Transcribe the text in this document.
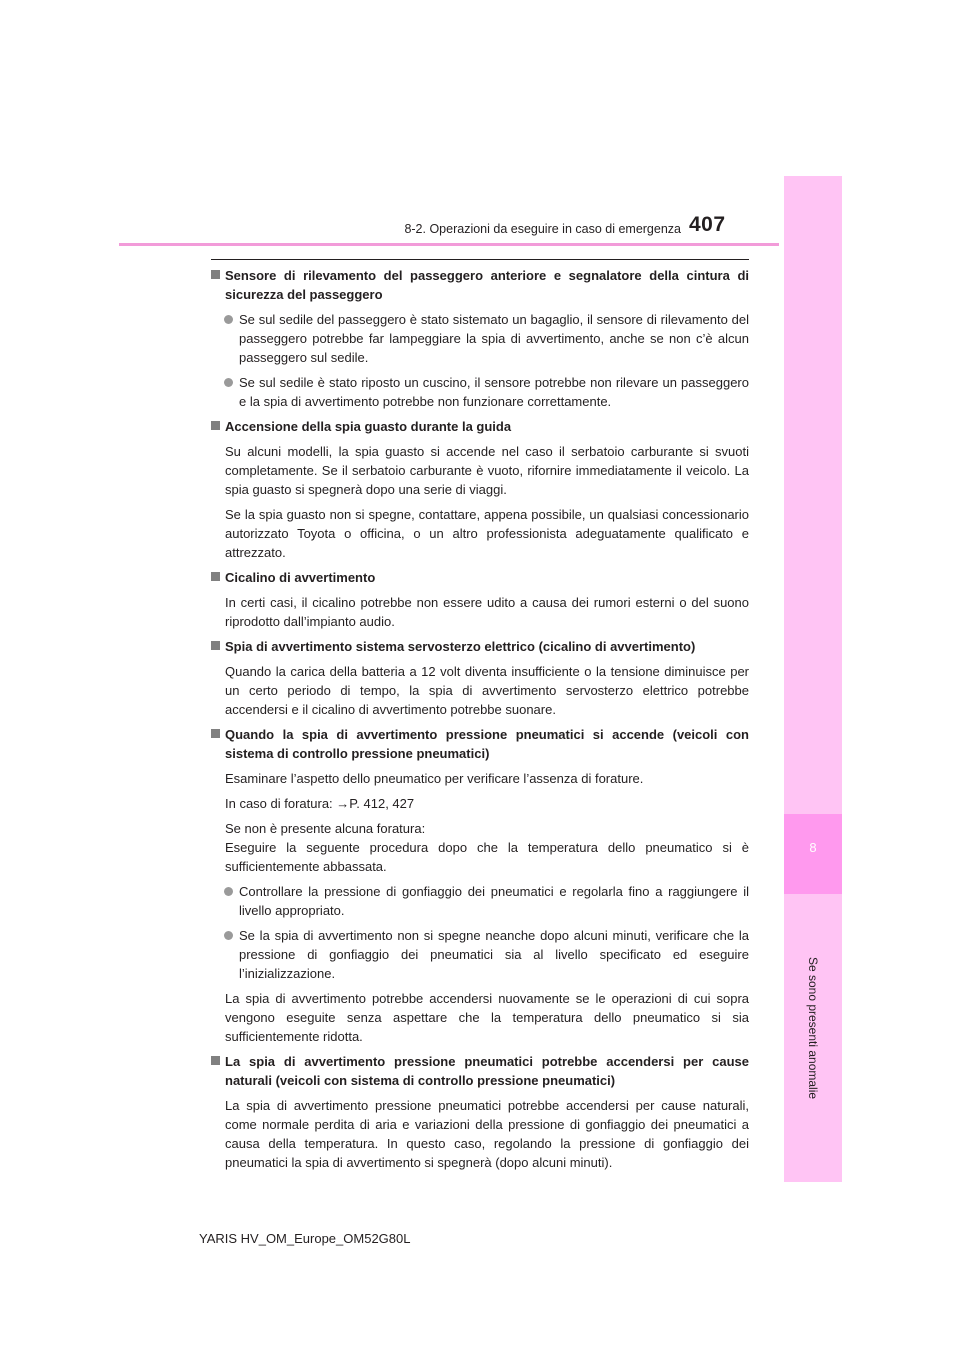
8
Se sono presenti anomalie
8-2. Operazioni da eseguire in caso di emergenza 407
Sensore di rilevamento del passeggero anteriore e segnalatore della cintura di sicurezza del passeggero
Se sul sedile del passeggero è stato sistemato un bagaglio, il sensore di rilevamento del passeggero potrebbe far lampeggiare la spia di avvertimento, anche se non c’è alcun passeggero sul sedile.
Se sul sedile è stato riposto un cuscino, il sensore potrebbe non rilevare un passeggero e la spia di avvertimento potrebbe non funzionare correttamente.
Accensione della spia guasto durante la guida
Su alcuni modelli, la spia guasto si accende nel caso il serbatoio carburante si svuoti completamente. Se il serbatoio carburante è vuoto, rifornire immediatamente il veicolo. La spia guasto si spegnerà dopo una serie di viaggi.
Se la spia guasto non si spegne, contattare, appena possibile, un qualsiasi concessionario autorizzato Toyota o officina, o un altro professionista adeguatamente qualificato e attrezzato.
Cicalino di avvertimento
In certi casi, il cicalino potrebbe non essere udito a causa dei rumori esterni o del suono riprodotto dall’impianto audio.
Spia di avvertimento sistema servosterzo elettrico (cicalino di avvertimento)
Quando la carica della batteria a 12 volt diventa insufficiente o la tensione diminuisce per un certo periodo di tempo, la spia di avvertimento servosterzo elettrico potrebbe accendersi e il cicalino di avvertimento potrebbe suonare.
Quando la spia di avvertimento pressione pneumatici si accende (veicoli con sistema di controllo pressione pneumatici)
Esaminare l’aspetto dello pneumatico per verificare l’assenza di forature.
In caso di foratura: →P. 412, 427
Se non è presente alcuna foratura:
Eseguire la seguente procedura dopo che la temperatura dello pneumatico si è sufficientemente abbassata.
Controllare la pressione di gonfiaggio dei pneumatici e regolarla fino a raggiungere il livello appropriato.
Se la spia di avvertimento non si spegne neanche dopo alcuni minuti, verificare che la pressione di gonfiaggio dei pneumatici sia al livello specificato ed eseguire l’inizializzazione.
La spia di avvertimento potrebbe accendersi nuovamente se le operazioni di cui sopra vengono eseguite senza aspettare che la temperatura dello pneumatico si sia sufficientemente ridotta.
La spia di avvertimento pressione pneumatici potrebbe accendersi per cause naturali (veicoli con sistema di controllo pressione pneumatici)
La spia di avvertimento pressione pneumatici potrebbe accendersi per cause naturali, come normale perdita di aria e variazioni della pressione di gonfiaggio dei pneumatici a causa della temperatura. In questo caso, regolando la pressione di gonfiaggio dei pneumatici la spia di avvertimento si spegnerà (dopo alcuni minuti).
YARIS HV_OM_Europe_OM52G80L
